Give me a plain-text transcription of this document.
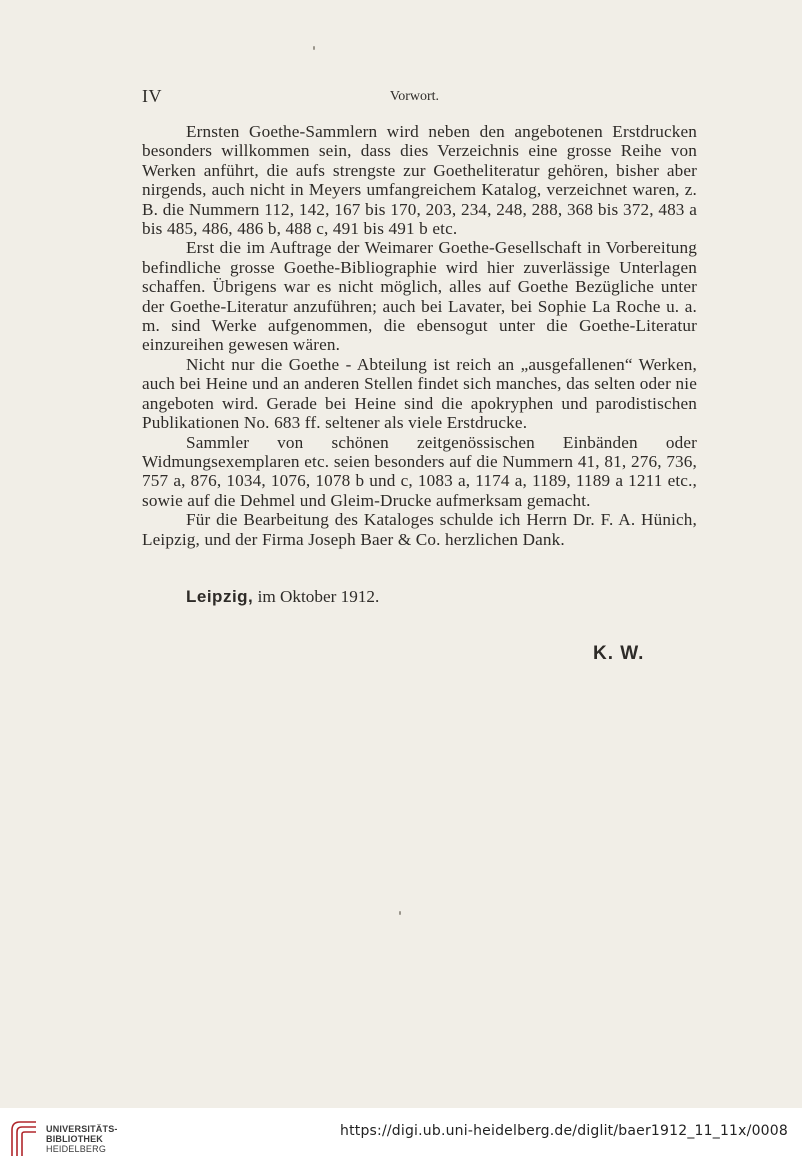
IV	Vorwort.

Ernsten Goethe-Sammlern wird neben den angebotenen Erstdrucken besonders willkommen sein, dass dies Verzeichnis eine grosse Reihe von Werken anführt, die aufs strengste zur Goetheliteratur gehören, bisher aber nirgends, auch nicht in Meyers umfangreichem Katalog, verzeichnet waren, z. B. die Nummern 112, 142, 167 bis 170, 203, 234, 248, 288, 368 bis 372, 483 a bis 485, 486, 486 b, 488 c, 491 bis 491 b etc.

Erst die im Auftrage der Weimarer Goethe-Gesellschaft in Vorbereitung befindliche grosse Goethe-Bibliographie wird hier zuverlässige Unterlagen schaffen. Übrigens war es nicht möglich, alles auf Goethe Bezügliche unter der Goethe-Literatur anzuführen; auch bei Lavater, bei Sophie La Roche u. a. m. sind Werke aufgenommen, die ebensogut unter die Goethe-Literatur einzureihen gewesen wären.

Nicht nur die Goethe - Abteilung ist reich an „ausgefallenen“ Werken, auch bei Heine und an anderen Stellen findet sich manches, das selten oder nie angeboten wird. Gerade bei Heine sind die apokryphen und parodistischen Publikationen No. 683 ff. seltener als viele Erstdrucke.

Sammler von schönen zeitgenössischen Einbänden oder Widmungsexemplaren etc. seien besonders auf die Nummern 41, 81, 276, 736, 757 a, 876, 1034, 1076, 1078 b und c, 1083 a, 1174 a, 1189, 1189 a 1211 etc., sowie auf die Dehmel und Gleim-Drucke aufmerksam gemacht.

Für die Bearbeitung des Kataloges schulde ich Herrn Dr. F. A. Hünich, Leipzig, und der Firma Joseph Baer & Co. herzlichen Dank.

Leipzig, im Oktober 1912.
K. W.
UNIVERSITÄTS-
BIBLIOTHEK
HEIDELBERG
https://digi.ub.uni-heidelberg.de/diglit/baer1912_11_11x/0008
